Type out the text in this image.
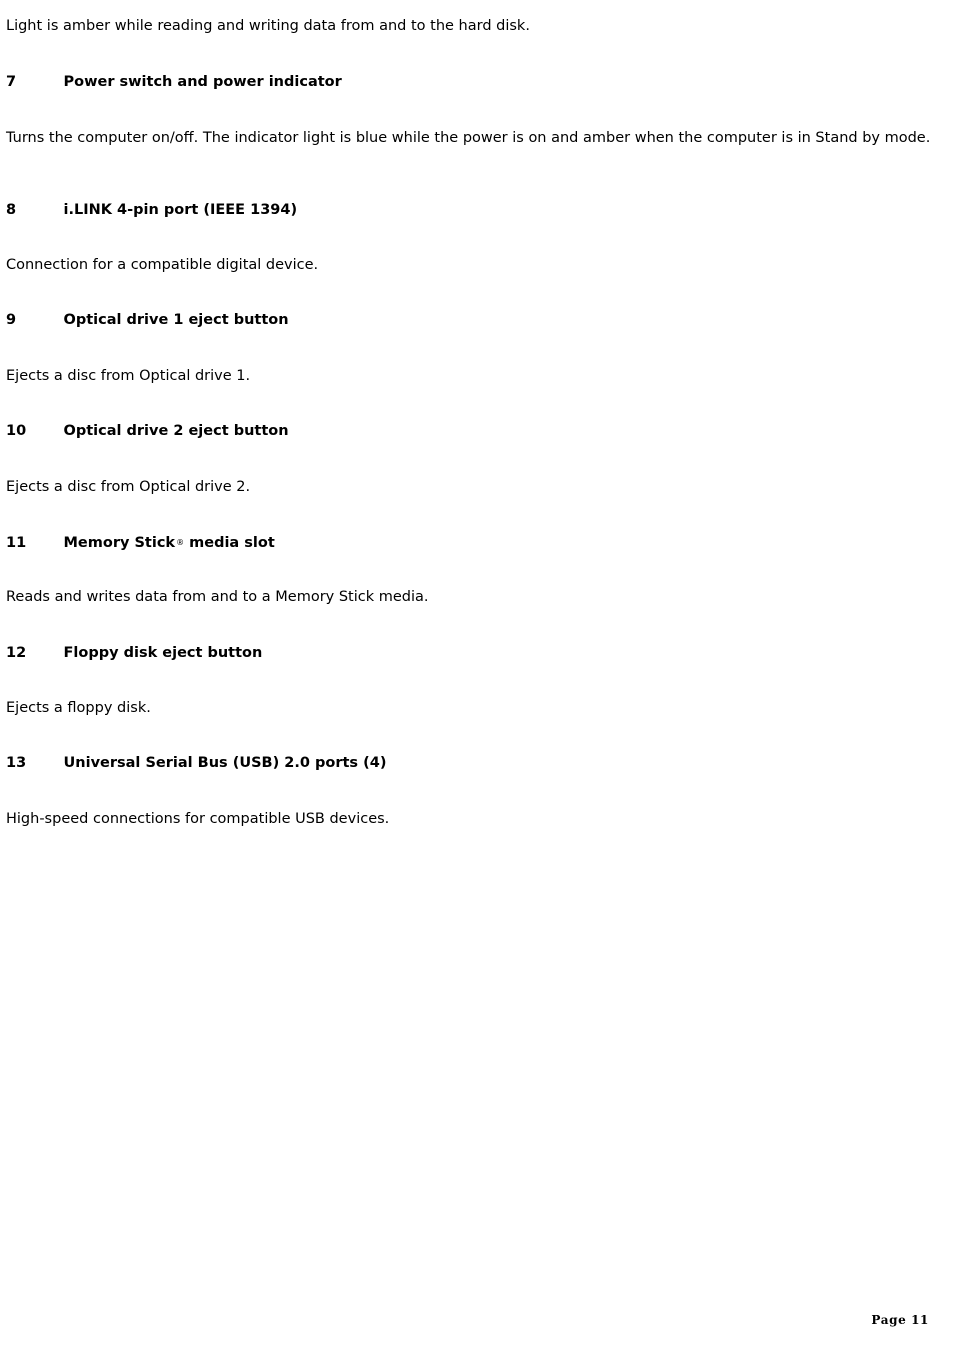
Light is amber while reading and writing data from and to the hard disk.

7	Power switch and power indicator

Turns the computer on/off. The indicator light is blue while the power is on and amber when the computer is in Stand by mode.

8	i.LINK 4-pin port (IEEE 1394)

Connection for a compatible digital device.

9	Optical drive 1 eject button

Ejects a disc from Optical drive 1.

10	Optical drive 2 eject button

Ejects a disc from Optical drive 2.

11	Memory Stick® media slot

Reads and writes data from and to a Memory Stick media.

12	Floppy disk eject button

Ejects a floppy disk.

13	Universal Serial Bus (USB) 2.0 ports (4)

High-speed connections for compatible USB devices.

Page 11
